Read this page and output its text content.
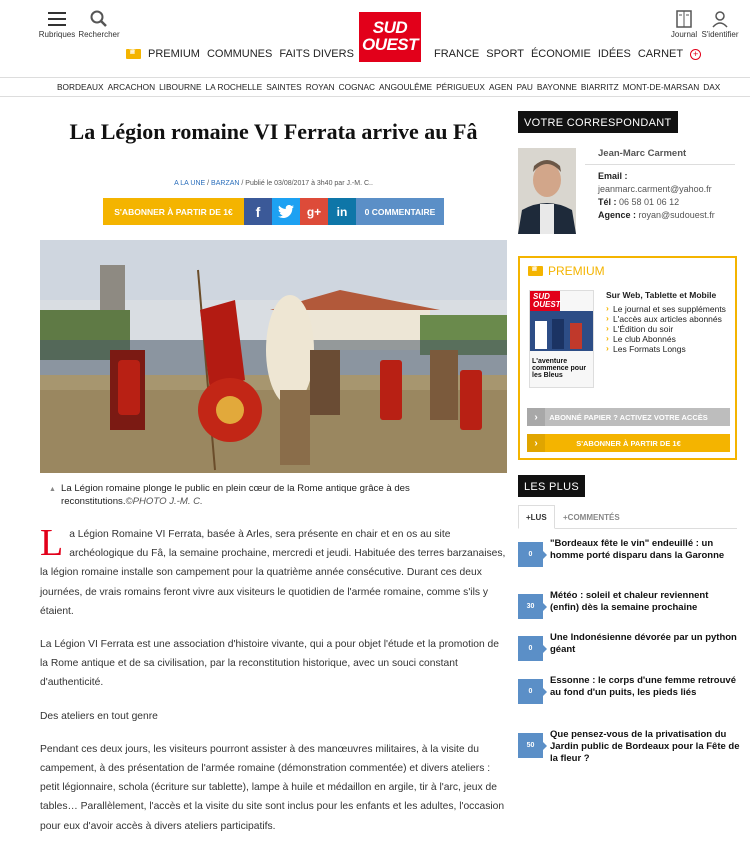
Rubriques Rechercher	SUD
OUEST
Journal S'identifier
♛
PREMIUM COMMUNES FAITS DIVERS	FRANCE SPORT ÉCONOMIE IDÉES CARNET	+
BORDEAUX ARCACHON LIBOURNE LA ROCHELLE SAINTES ROYAN COGNAC ANGOULÊME PÉRIGUEUX AGEN PAU BAYONNE BIARRITZ MONT-DE-MARSAN DAX
La Légion romaine VI Ferrata arrive au Fâ
A LA UNE / BARZAN / Publié le 03/08/2017 à 3h40 par J.-M. C..
S'ABONNER À PARTIR DE 1€	f	g+ in	0 COMMENTAIRE
▲ La Légion romaine plonge le public en plein cœur de la Rome antique grâce à des reconstitutions.©PHOTO J.-M. C.

La Légion Romaine VI Ferrata, basée à Arles, sera présente en chair et en os au site archéologique du Fâ, la semaine prochaine, mercredi et jeudi. Habituée des terres barzanaises, la légion romaine installe son campement pour la quatrième année consécutive. Durant ces deux journées, de vrais romains feront vivre aux visiteurs le quotidien de l'armée romaine, comme s'ils y étaient.

La Légion VI Ferrata est une association d'histoire vivante, qui a pour objet l'étude et la promotion de la Rome antique et de sa civilisation, par la reconstitution historique, avec un souci constant d'authenticité.

Des ateliers en tout genre

Pendant ces deux jours, les visiteurs pourront assister à des manœuvres militaires, à la visite du campement, à des présentation de l'armée romaine (démonstration commentée) et divers ateliers : petit légionnaire, schola (écriture sur tablette), lampe à huile et médaillon en argile, tir à l'arc, jeux de tables… Parallèlement, l'accès et la visite du site sont inclus pour les enfants et les adultes, l'occasion pour eux d'avoir accès à divers ateliers participatifs.

VOTRE CORRESPONDANT
Jean-Marc Carment
Email :
jeanmarc.carment@yahoo.fr
Tél : 06 58 01 06 12
Agence : royan@sudouest.fr
♛
PREMIUM
SUD OUEST
L'aventure commence pour les Bleus
Sur Web, Tablette et Mobile
› Le journal et ses suppléments
› L'accès aux articles abonnés
› L'Édition du soir
› Le club Abonnés
› Les Formats Longs
›	ABONNÉ PAPIER ? ACTIVEZ VOTRE ACCÈS
›	S'ABONNER À PARTIR DE 1€
LES PLUS
+LUS	+COMMENTÉS
0
"Bordeaux fête le vin" endeuillé : un homme porté disparu dans la Garonne
30
Météo : soleil et chaleur reviennent (enfin) dès la semaine prochaine
0
Une Indonésienne dévorée par un python géant
0
Essonne : le corps d'une femme retrouvé au fond d'un puits, les pieds liés
50
Que pensez-vous de la privatisation du Jardin public de Bordeaux pour la Fête de la fleur ?
